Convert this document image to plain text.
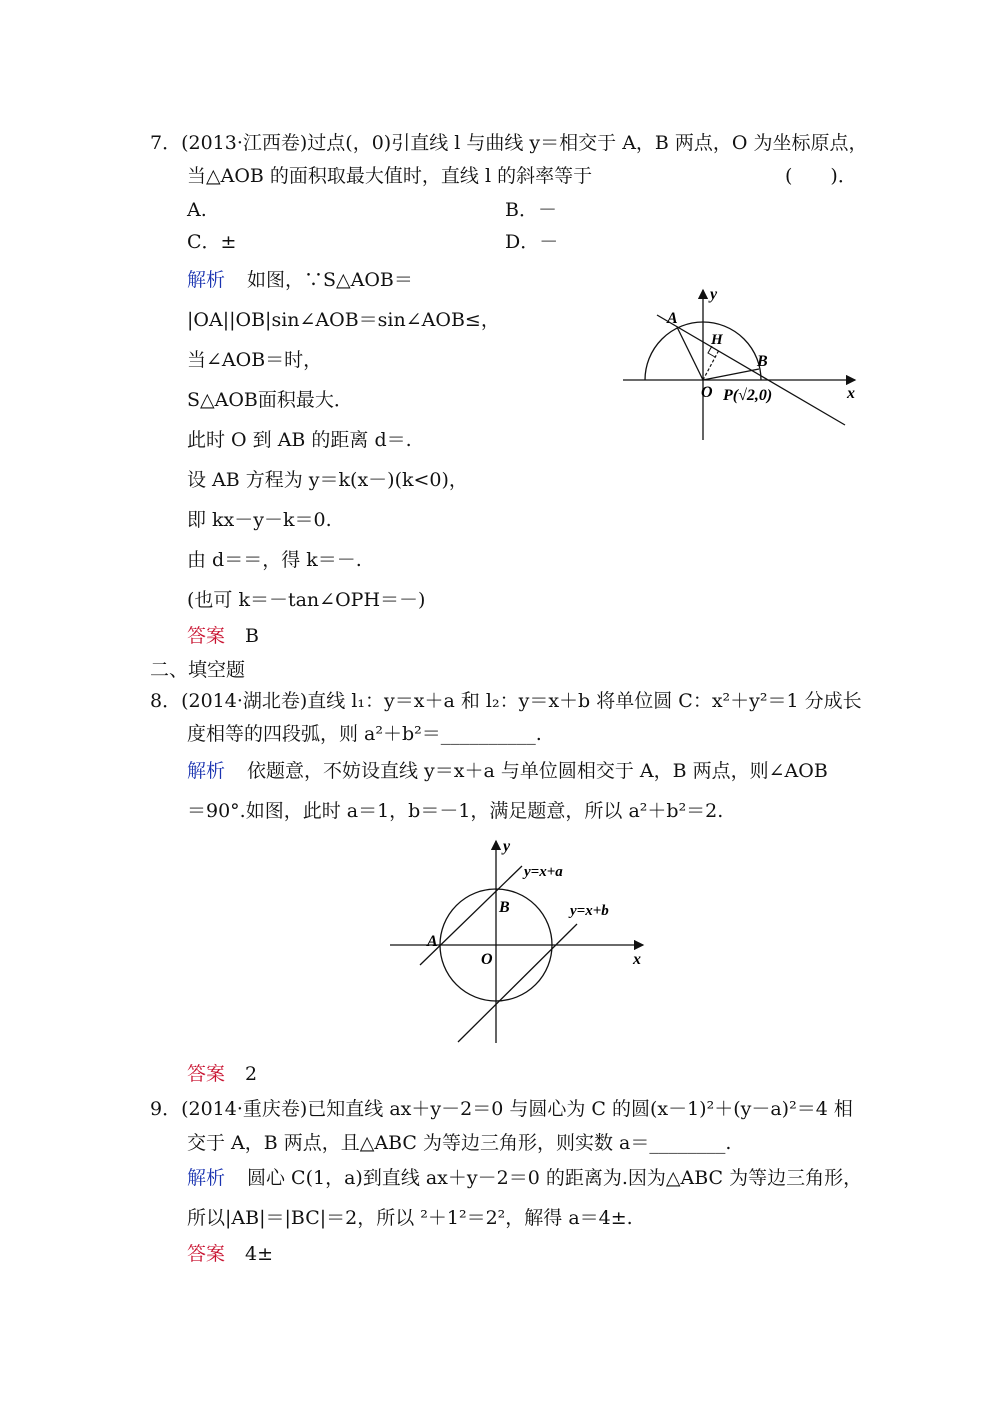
7．(2013·江西卷)过点(，0)引直线 l 与曲线 y＝相交于 A，B 两点，O 为坐标原点，
当△AOB 的面积取最大值时，直线 l 的斜率等于	(　　)．
A.	B．－
C．±	D．－
解析 如图，∵S△AOB＝
|OA||OB|sin∠AOB＝sin∠AOB≤，
当∠AOB＝时，
S△AOB面积最大．
此时 O 到 AB 的距离 d＝.
设 AB 方程为 y＝k(x－)(k<0)，
即 kx－y－k＝0.
由 d＝＝，得 k＝－.
(也可 k＝－tan∠OPH＝－)
答案 B
y
A
H
B
O P(√2,0)	x
二、填空题
8．(2014·湖北卷)直线 l₁：y＝x＋a 和 l₂：y＝x＋b 将单位圆 C：x²＋y²＝1 分成长
度相等的四段弧，则 a²＋b²＝__________.
解析 依题意，不妨设直线 y＝x＋a 与单位圆相交于 A，B 两点，则∠AOB
＝90°.如图，此时 a＝1，b＝－1，满足题意，所以 a²＋b²＝2.
y
y=x+a
B	y=x+b
A
O	x
答案 2
9．(2014·重庆卷)已知直线 ax＋y－2＝0 与圆心为 C 的圆(x－1)²＋(y－a)²＝4 相
交于 A，B 两点，且△ABC 为等边三角形，则实数 a＝________.
解析 圆心 C(1，a)到直线 ax＋y－2＝0 的距离为.因为△ABC 为等边三角形，
所以|AB|＝|BC|＝2，所以 ²＋1²＝2²，解得 a＝4±.
答案 4±
